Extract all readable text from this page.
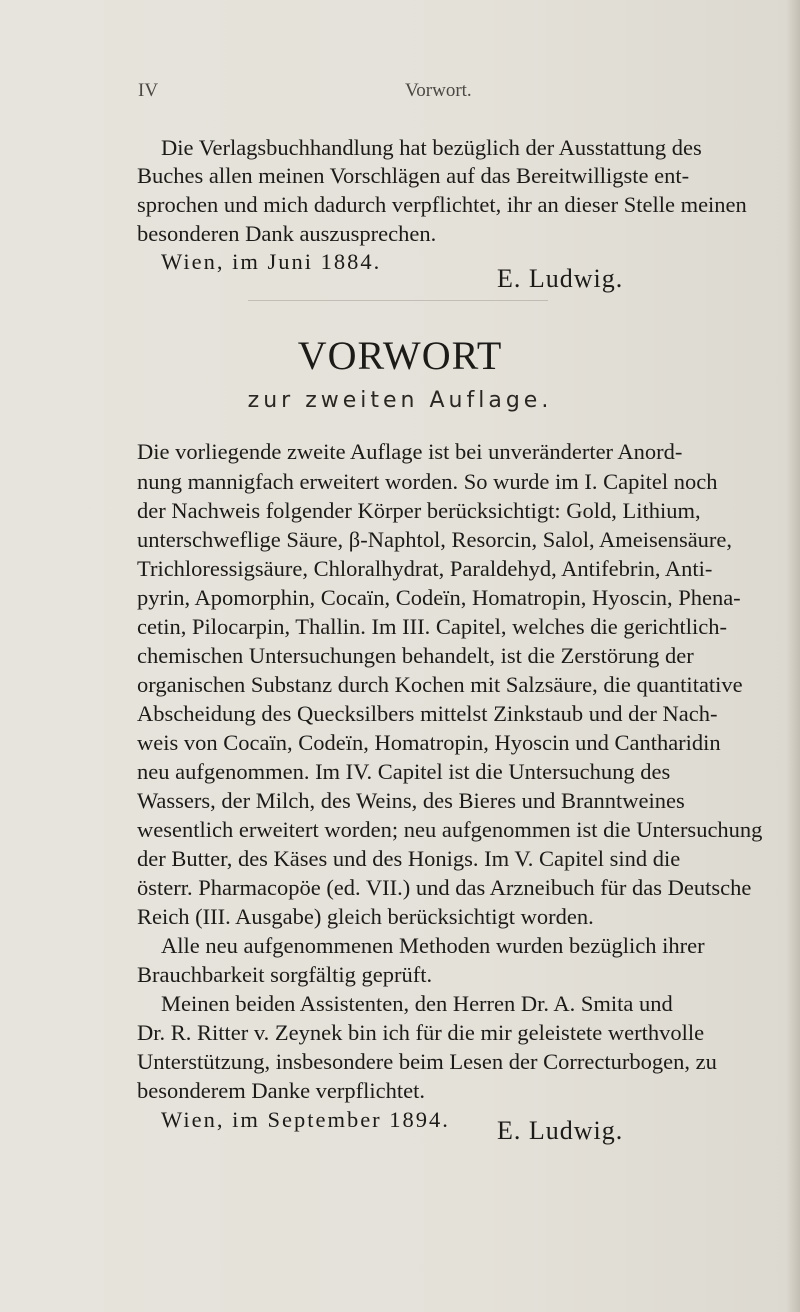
IV	Vorwort.
Die Verlagsbuchhandlung hat bezüglich der Ausstattung des
Buches allen meinen Vorschlägen auf das Bereitwilligste ent-
sprochen und mich dadurch verpflichtet, ihr an dieser Stelle meinen
besonderen Dank auszusprechen.
Wien, im Juni 1884.
E. Ludwig.
VORWORT
zur zweiten Auflage.
Die vorliegende zweite Auflage ist bei unveränderter Anord-
nung mannigfach erweitert worden. So wurde im I. Capitel noch
der Nachweis folgender Körper berücksichtigt: Gold, Lithium,
unterschweflige Säure, β-Naphtol, Resorcin, Salol, Ameisensäure,
Trichloressigsäure, Chloralhydrat, Paraldehyd, Antifebrin, Anti-
pyrin, Apomorphin, Cocaïn, Codeïn, Homatropin, Hyoscin, Phena-
cetin, Pilocarpin, Thallin. Im III. Capitel, welches die gerichtlich-
chemischen Untersuchungen behandelt, ist die Zerstörung der
organischen Substanz durch Kochen mit Salzsäure, die quantitative
Abscheidung des Quecksilbers mittelst Zinkstaub und der Nach-
weis von Cocaïn, Codeïn, Homatropin, Hyoscin und Cantharidin
neu aufgenommen. Im IV. Capitel ist die Untersuchung des
Wassers, der Milch, des Weins, des Bieres und Branntweines
wesentlich erweitert worden; neu aufgenommen ist die Untersuchung
der Butter, des Käses und des Honigs. Im V. Capitel sind die
österr. Pharmacopöe (ed. VII.) und das Arzneibuch für das Deutsche
Reich (III. Ausgabe) gleich berücksichtigt worden.
Alle neu aufgenommenen Methoden wurden bezüglich ihrer
Brauchbarkeit sorgfältig geprüft.
Meinen beiden Assistenten, den Herren Dr. A. Smita und
Dr. R. Ritter v. Zeynek bin ich für die mir geleistete werthvolle
Unterstützung, insbesondere beim Lesen der Correcturbogen, zu
besonderem Danke verpflichtet.
Wien, im September 1894. E. Ludwig.
